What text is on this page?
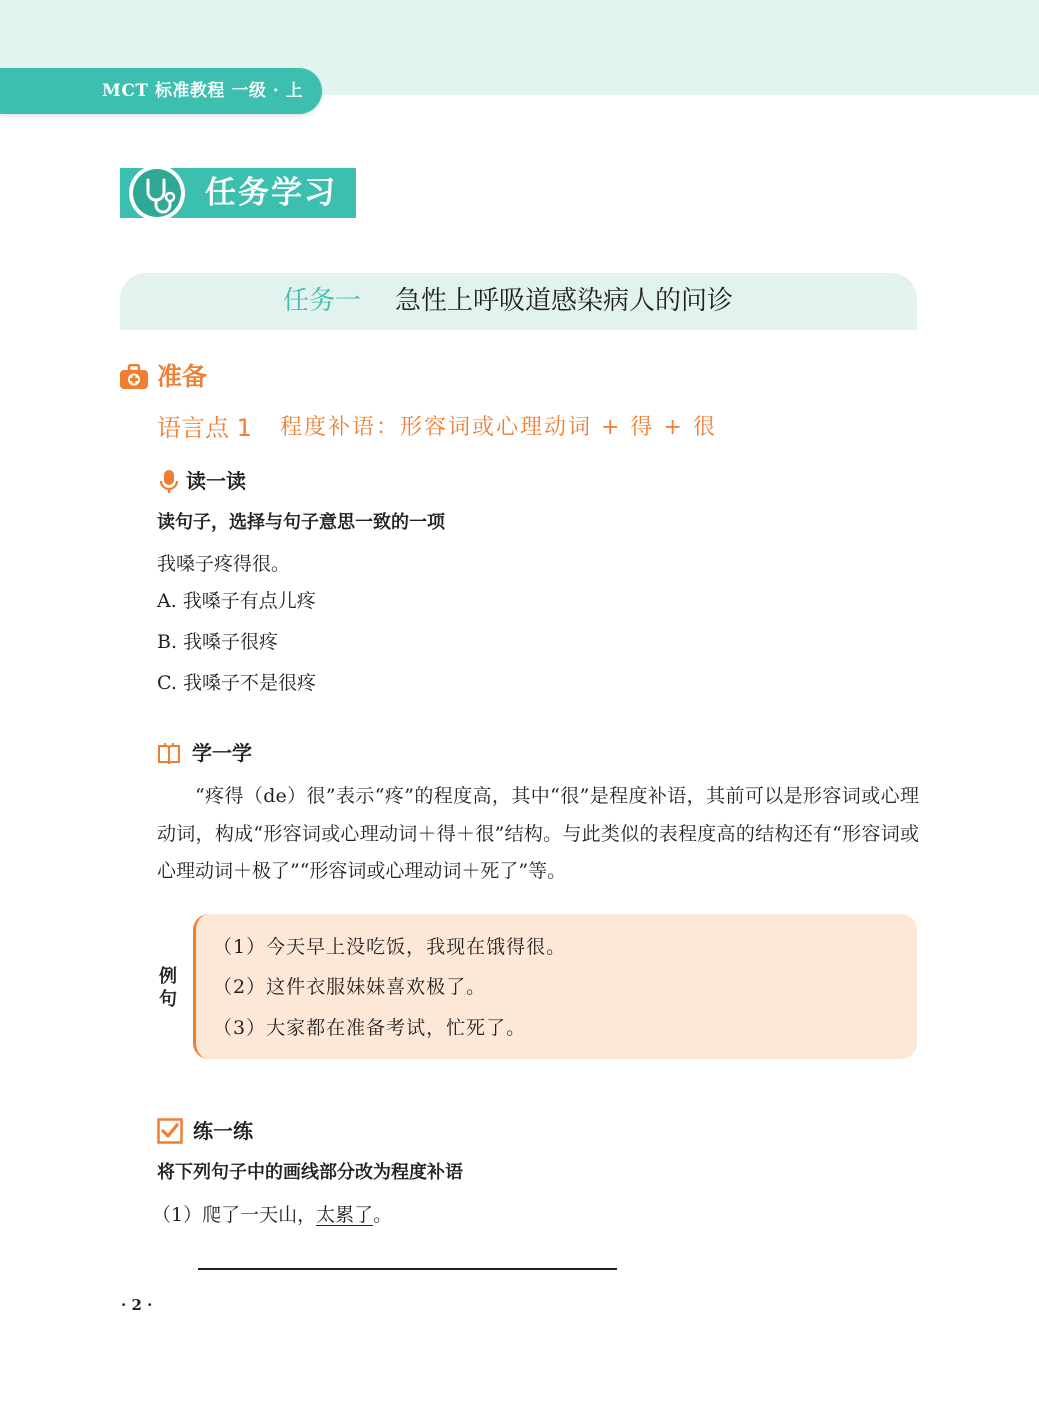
MCT 标准教程 一级 · 上
任务学习
任务一 急性上呼吸道感染病人的问诊
准备
语言点 1 程度补语：形容词或心理动词 + 得 + 很
读一读
读句子，选择与句子意思一致的一项
我嗓子疼得很。
A. 我嗓子有点儿疼
B. 我嗓子很疼
C. 我嗓子不是很疼
学一学
“疼得（de）很”表示“疼”的程度高，其中“很”是程度补语，其前可以是形容词或心理动词，构成“形容词或心理动词＋得＋很”结构。与此类似的表程度高的结构还有“形容词或心理动词＋极了”“形容词或心理动词＋死了”等。
例句
（1）今天早上没吃饭，我现在饿得很。
（2）这件衣服妹妹喜欢极了。
（3）大家都在准备考试，忙死了。
练一练
将下列句子中的画线部分改为程度补语
（1）爬了一天山，太累了。
· 2 ·
